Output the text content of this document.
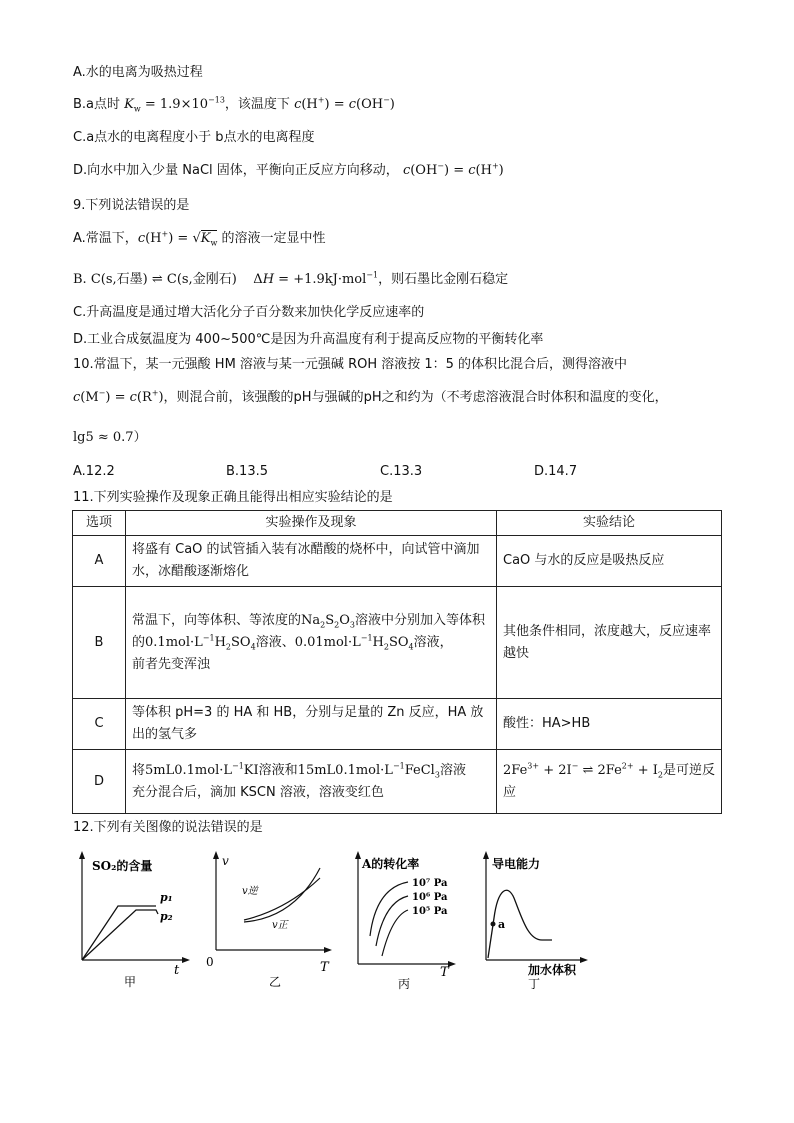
A.水的电离为吸热过程
B.a点时 $K_w = 1.9\times 10^{-13}$，该温度下 c(H+) = c(OH−)
C.a点水的电离程度小于 b点水的电离程度
D.向水中加入少量 NaCl 固体，平衡向正反应方向移动， c(OH−) = c(H+)
9.下列说法错误的是
A.常温下，$c(H^+) = √K_w$ 的溶液一定显中性
B. C(s,石墨) ⇌ C(s,金刚石)    ΔH = +1.9kJ·mol$^{-1}$，则石墨比金刚石稳定
C.升高温度是通过增大活化分子百分数来加快化学反应速率的
D.工业合成氨温度为 400~500℃是因为升高温度有利于提高反应物的平衡转化率
10.常温下，某一元强酸 HM 溶液与某一元强碱 ROH 溶液按 1：5 的体积比混合后，测得溶液中
c(M−) = c(R+)，则混合前，该强酸的pH与强碱的pH之和约为（不考虑溶液混合时体积和温度的变化，
lg5 ≈ 0.7）
A.12.2	B.13.5	C.13.3	D.14.7
11.下列实验操作及现象正确且能得出相应实验结论的是
选项	实验操作及现象	实验结论
A	将盛有 CaO 的试管插入装有冰醋酸的烧杯中，向试管中滴加水，冰醋酸逐渐熔化	CaO 与水的反应是吸热反应
B	常温下，向等体积、等浓度的$Na_2S_2O_3$溶液中分别加入等体积的$0.1mol\cdot L^{-1}H_2SO_4$溶液、$0.01mol\cdot L^{-1}H_2SO_4$溶液，
前者先变浑浊	其他条件相同，浓度越大，反应速率越快
C	等体积 pH=3 的 HA 和 HB，分别与足量的 Zn 反应，HA 放出的氢气多	酸性：HA>HB
D	将$5mL0.1mol\cdot L^{-1}KI$溶液和$15mL0.1mol\cdot L^{-1}FeCl_3$溶液
充分混合后，滴加 KSCN 溶液，溶液变红色	$2Fe^{3+} + 2I^-$ ⇌ $2Fe^{2+} + I_2$是可逆反应
12.下列有关图像的说法错误的是
SO₂的含量
p₁
p₂
t
甲
v
v逆
v正
0	T
乙
A的转化率
10⁷ Pa
10⁶ Pa
10⁵ Pa
T
丙
导电能力
a
加水体积
丁
